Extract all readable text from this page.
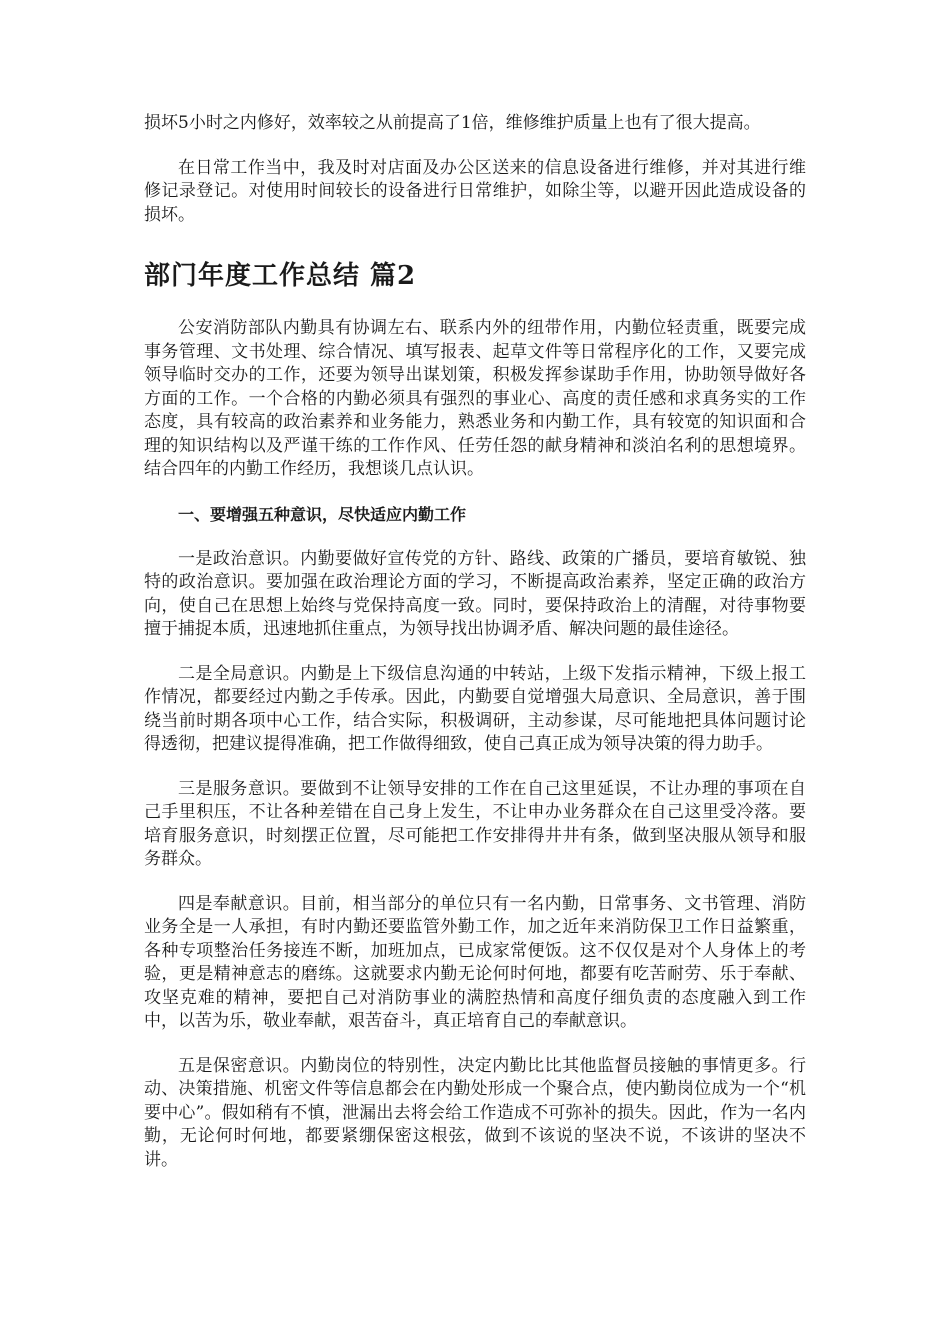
损坏5小时之内修好，效率较之从前提高了1倍，维修维护质量上也有了很大提高。

在日常工作当中，我及时对店面及办公区送来的信息设备进行维修，并对其进行维修记录登记。对使用时间较长的设备进行日常维护，如除尘等，以避开因此造成设备的损坏。

部门年度工作总结 篇2

公安消防部队内勤具有协调左右、联系内外的纽带作用，内勤位轻责重，既要完成事务管理、文书处理、综合情况、填写报表、起草文件等日常程序化的工作，又要完成领导临时交办的工作，还要为领导出谋划策，积极发挥参谋助手作用，协助领导做好各方面的工作。一个合格的内勤必须具有强烈的事业心、高度的责任感和求真务实的工作态度，具有较高的政治素养和业务能力，熟悉业务和内勤工作，具有较宽的知识面和合理的知识结构以及严谨干练的工作作风、任劳任怨的献身精神和淡泊名利的思想境界。结合四年的内勤工作经历，我想谈几点认识。

一、要增强五种意识，尽快适应内勤工作

一是政治意识。内勤要做好宣传党的方针、路线、政策的广播员，要培育敏锐、独特的政治意识。要加强在政治理论方面的学习，不断提高政治素养，坚定正确的政治方向，使自己在思想上始终与党保持高度一致。同时，要保持政治上的清醒，对待事物要擅于捕捉本质，迅速地抓住重点，为领导找出协调矛盾、解决问题的最佳途径。

二是全局意识。内勤是上下级信息沟通的中转站，上级下发指示精神，下级上报工作情况，都要经过内勤之手传承。因此，内勤要自觉增强大局意识、全局意识，善于围绕当前时期各项中心工作，结合实际，积极调研，主动参谋，尽可能地把具体问题讨论得透彻，把建议提得准确，把工作做得细致，使自己真正成为领导决策的得力助手。

三是服务意识。要做到不让领导安排的工作在自己这里延误，不让办理的事项在自己手里积压，不让各种差错在自己身上发生，不让申办业务群众在自己这里受冷落。要培育服务意识，时刻摆正位置，尽可能把工作安排得井井有条，做到坚决服从领导和服务群众。

四是奉献意识。目前，相当部分的单位只有一名内勤，日常事务、文书管理、消防业务全是一人承担，有时内勤还要监管外勤工作，加之近年来消防保卫工作日益繁重，各种专项整治任务接连不断，加班加点，已成家常便饭。这不仅仅是对个人身体上的考验，更是精神意志的磨练。这就要求内勤无论何时何地，都要有吃苦耐劳、乐于奉献、攻坚克难的精神，要把自己对消防事业的满腔热情和高度仔细负责的态度融入到工作中，以苦为乐，敬业奉献，艰苦奋斗，真正培育自己的奉献意识。

五是保密意识。内勤岗位的特别性，决定内勤比比其他监督员接触的事情更多。行动、决策措施、机密文件等信息都会在内勤处形成一个聚合点，使内勤岗位成为一个“机要中心”。假如稍有不慎，泄漏出去将会给工作造成不可弥补的损失。因此，作为一名内勤，无论何时何地，都要紧绷保密这根弦，做到不该说的坚决不说，不该讲的坚决不讲。
